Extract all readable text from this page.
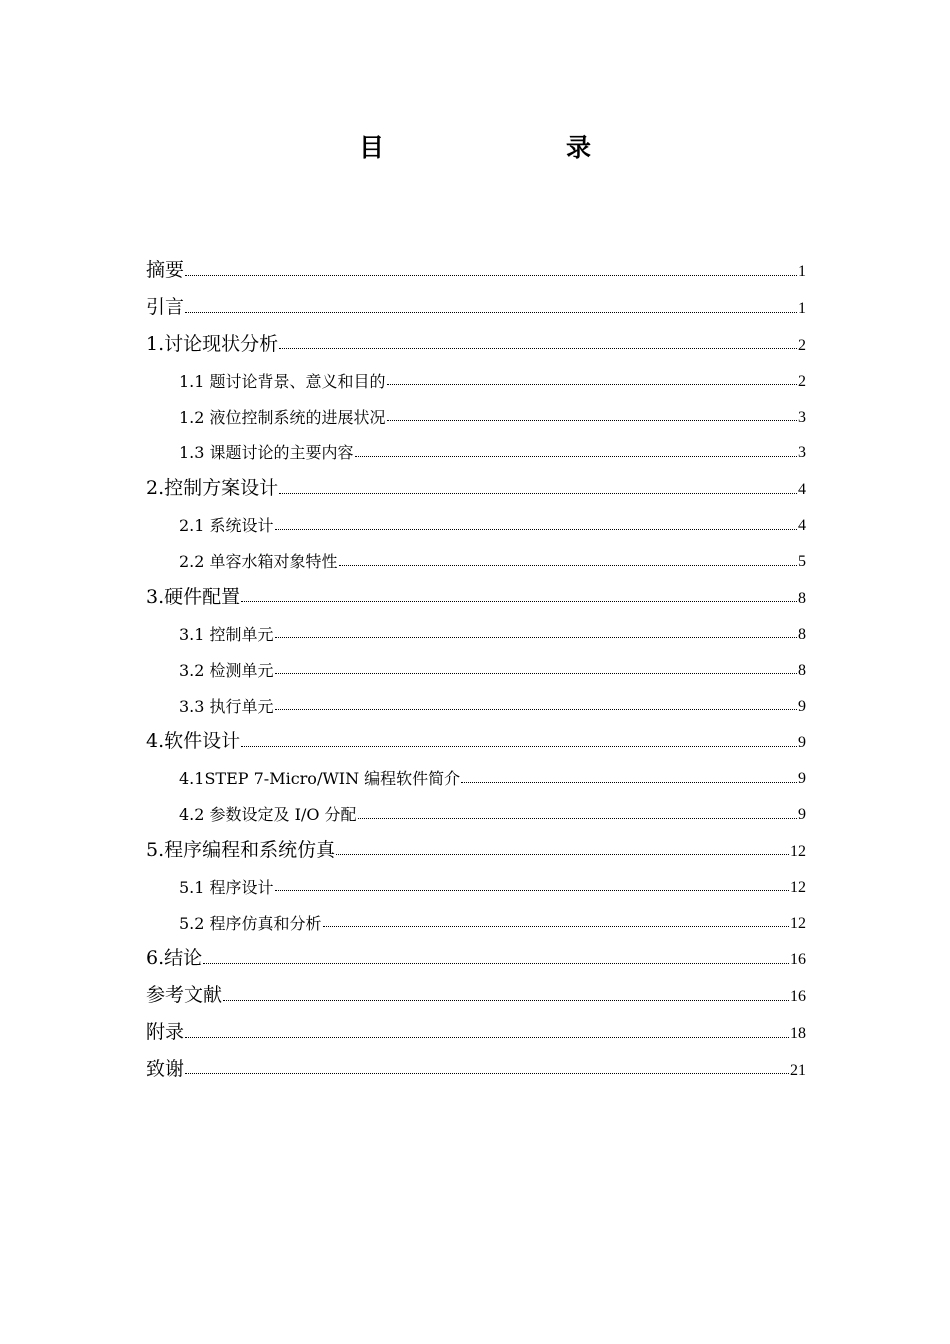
目　　录
摘要	1
引言	1
1.讨论现状分析	2
1.1 题讨论背景、意义和目的	2
1.2 液位控制系统的进展状况	3
1.3 课题讨论的主要内容	3
2.控制方案设计	4
2.1 系统设计	4
2.2 单容水箱对象特性	5
3.硬件配置	8
3.1 控制单元	8
3.2 检测单元	8
3.3 执行单元	9
4.软件设计	9
4.1STEP 7-Micro/WIN 编程软件简介	9
4.2 参数设定及 I/O 分配	9
5.程序编程和系统仿真	12
5.1 程序设计	12
5.2 程序仿真和分析	12
6.结论	16
参考文献	16
附录	18
致谢	21
